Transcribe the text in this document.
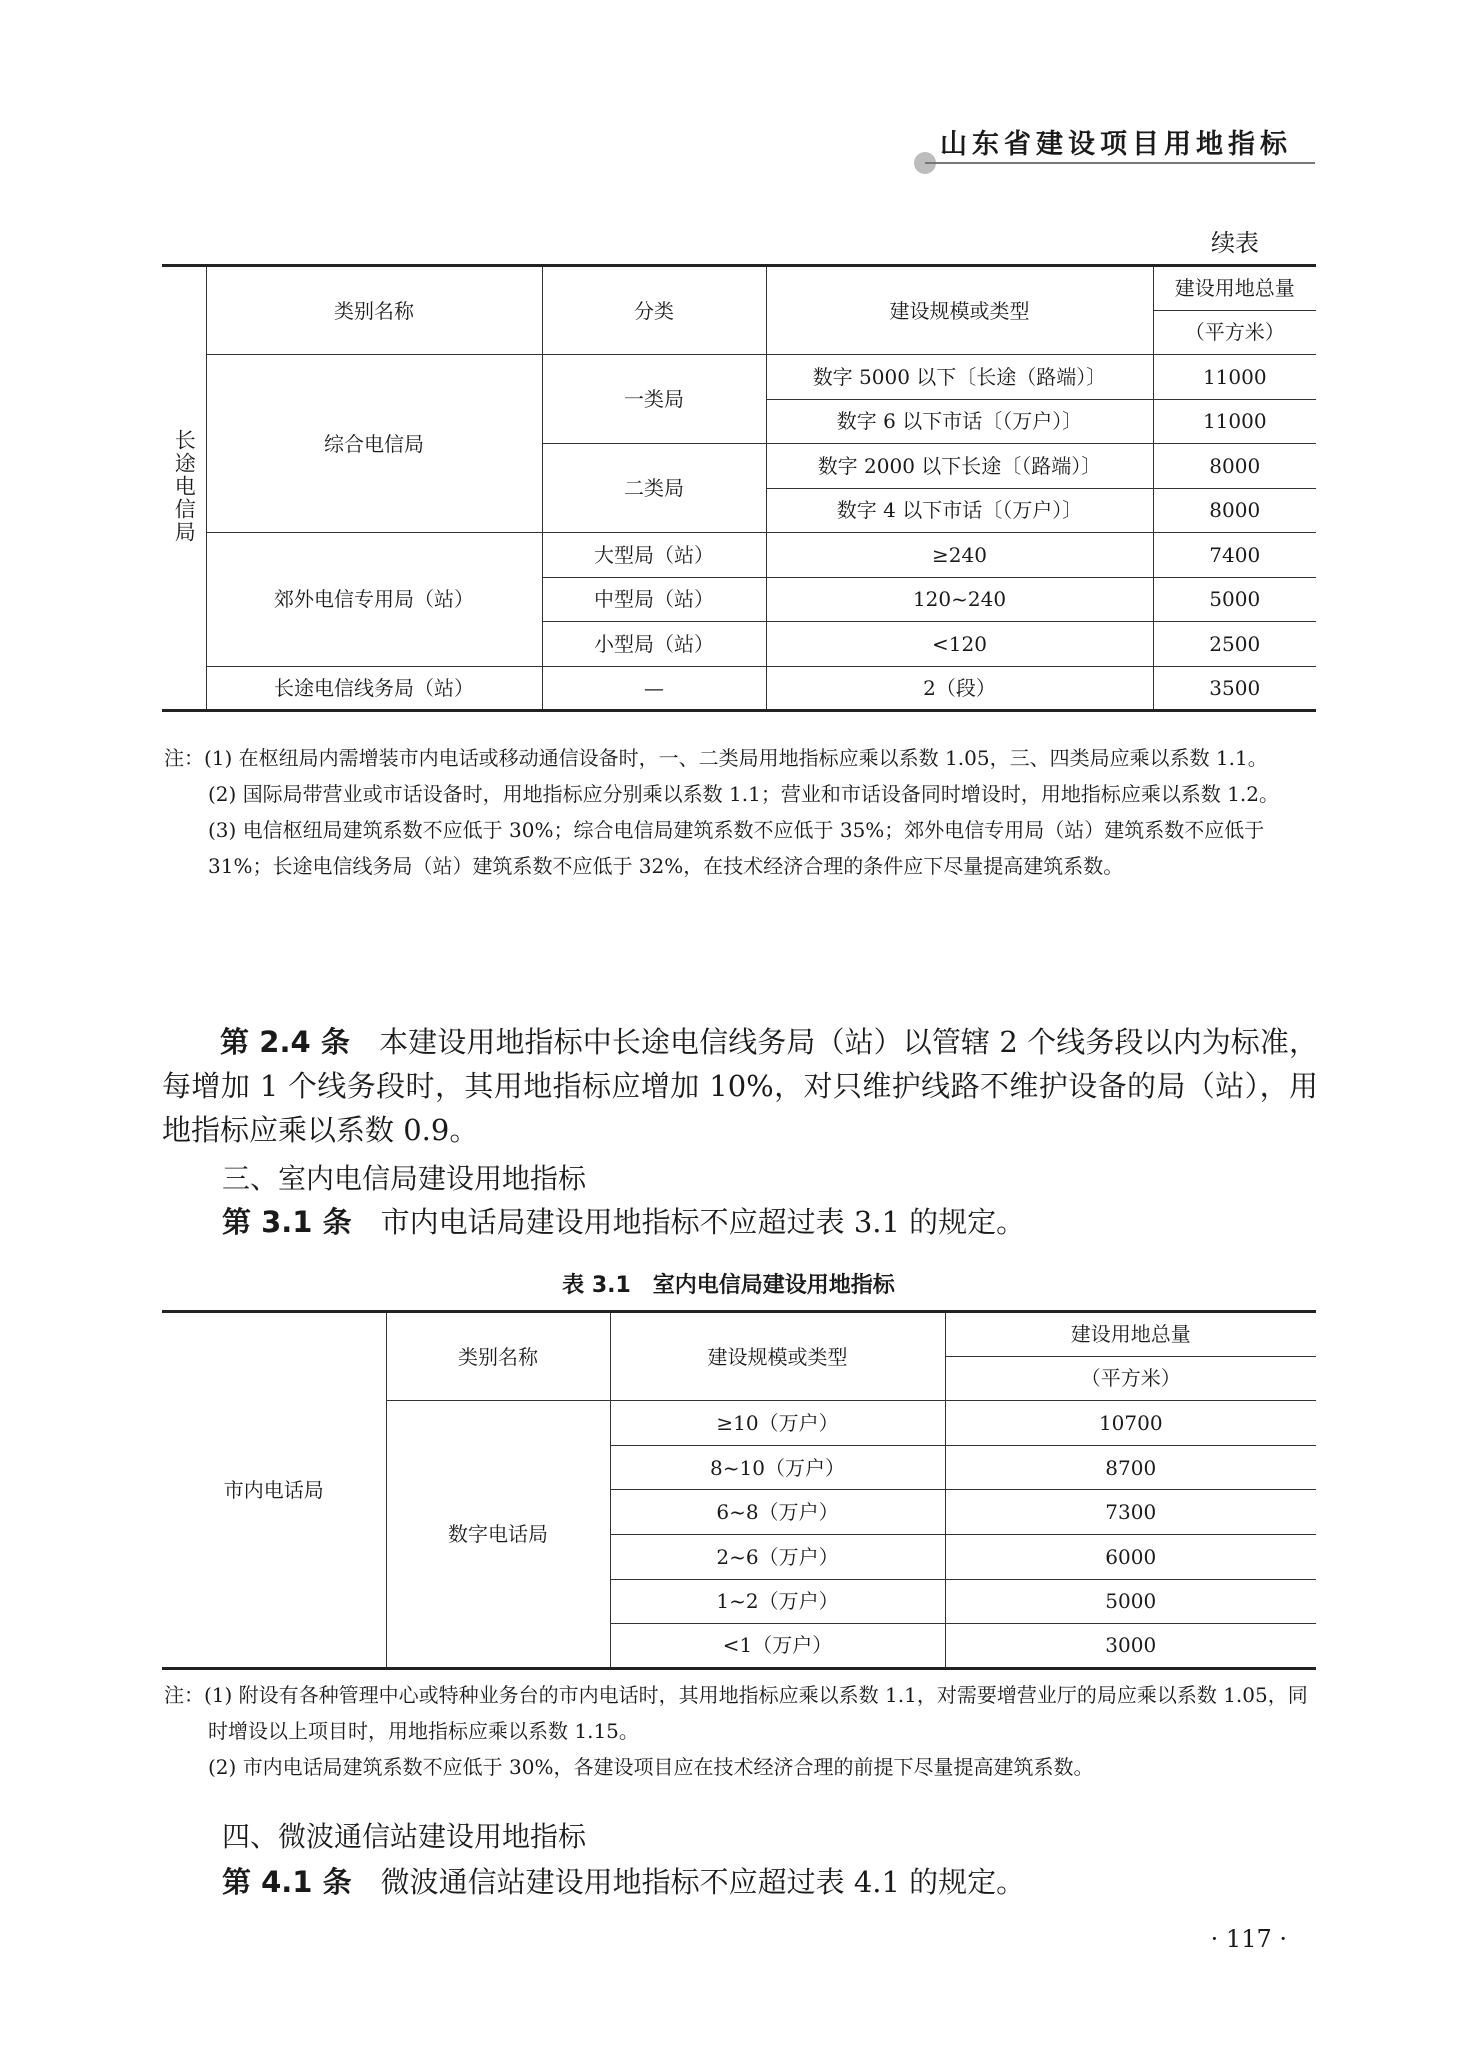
山东省建设项目用地指标
续表
长途电信局	类别名称	分类	建设规模或类型	建设用地总量
				（平方米）
	综合电信局	一类局	数字 5000 以下〔长途（路端）〕	11000
			数字 6 以下市话〔（万户）〕	11000
		二类局	数字 2000 以下长途〔（路端）〕	8000
			数字 4 以下市话〔（万户）〕	8000
	郊外电信专用局（站）	大型局（站）	≥240	7400
		中型局（站）	120~240	5000
		小型局（站）	<120	2500
	长途电信线务局（站）	—	2（段）	3500

注：(1) 在枢纽局内需增装市内电话或移动通信设备时，一、二类局用地指标应乘以系数 1.05，三、四类局应乘以系数 1.1。

(2) 国际局带营业或市话设备时，用地指标应分别乘以系数 1.1；营业和市话设备同时增设时，用地指标应乘以系数 1.2。

(3) 电信枢纽局建筑系数不应低于 30%；综合电信局建筑系数不应低于 35%；郊外电信专用局（站）建筑系数不应低于 31%；长途电信线务局（站）建筑系数不应低于 32%，在技术经济合理的条件应下尽量提高建筑系数。

第 2.4 条　 本建设用地指标中长途电信线务局（站）以管辖 2 个线务段以内为标准，每增加 1 个线务段时，其用地指标应增加 10%，对只维护线路不维护设备的局（站），用地指标应乘以系数 0.9。
三、室内电信局建设用地指标
第 3.1 条　 市内电话局建设用地指标不应超过表 3.1 的规定。
表 3.1　室内电信局建设用地指标
市内电话局	类别名称	建设规模或类型	建设用地总量
			（平方米）
	数字电话局	≥10（万户）	10700
		8~10（万户）	8700
		6~8（万户）	7300
		2~6（万户）	6000
		1~2（万户）	5000
		<1（万户）	3000

注：(1) 附设有各种管理中心或特种业务台的市内电话时，其用地指标应乘以系数 1.1，对需要增营业厅的局应乘以系数 1.05，同时增设以上项目时，用地指标应乘以系数 1.15。

(2) 市内电话局建筑系数不应低于 30%，各建设项目应在技术经济合理的前提下尽量提高建筑系数。

四、微波通信站建设用地指标
第 4.1 条　 微波通信站建设用地指标不应超过表 4.1 的规定。
· 117 ·
